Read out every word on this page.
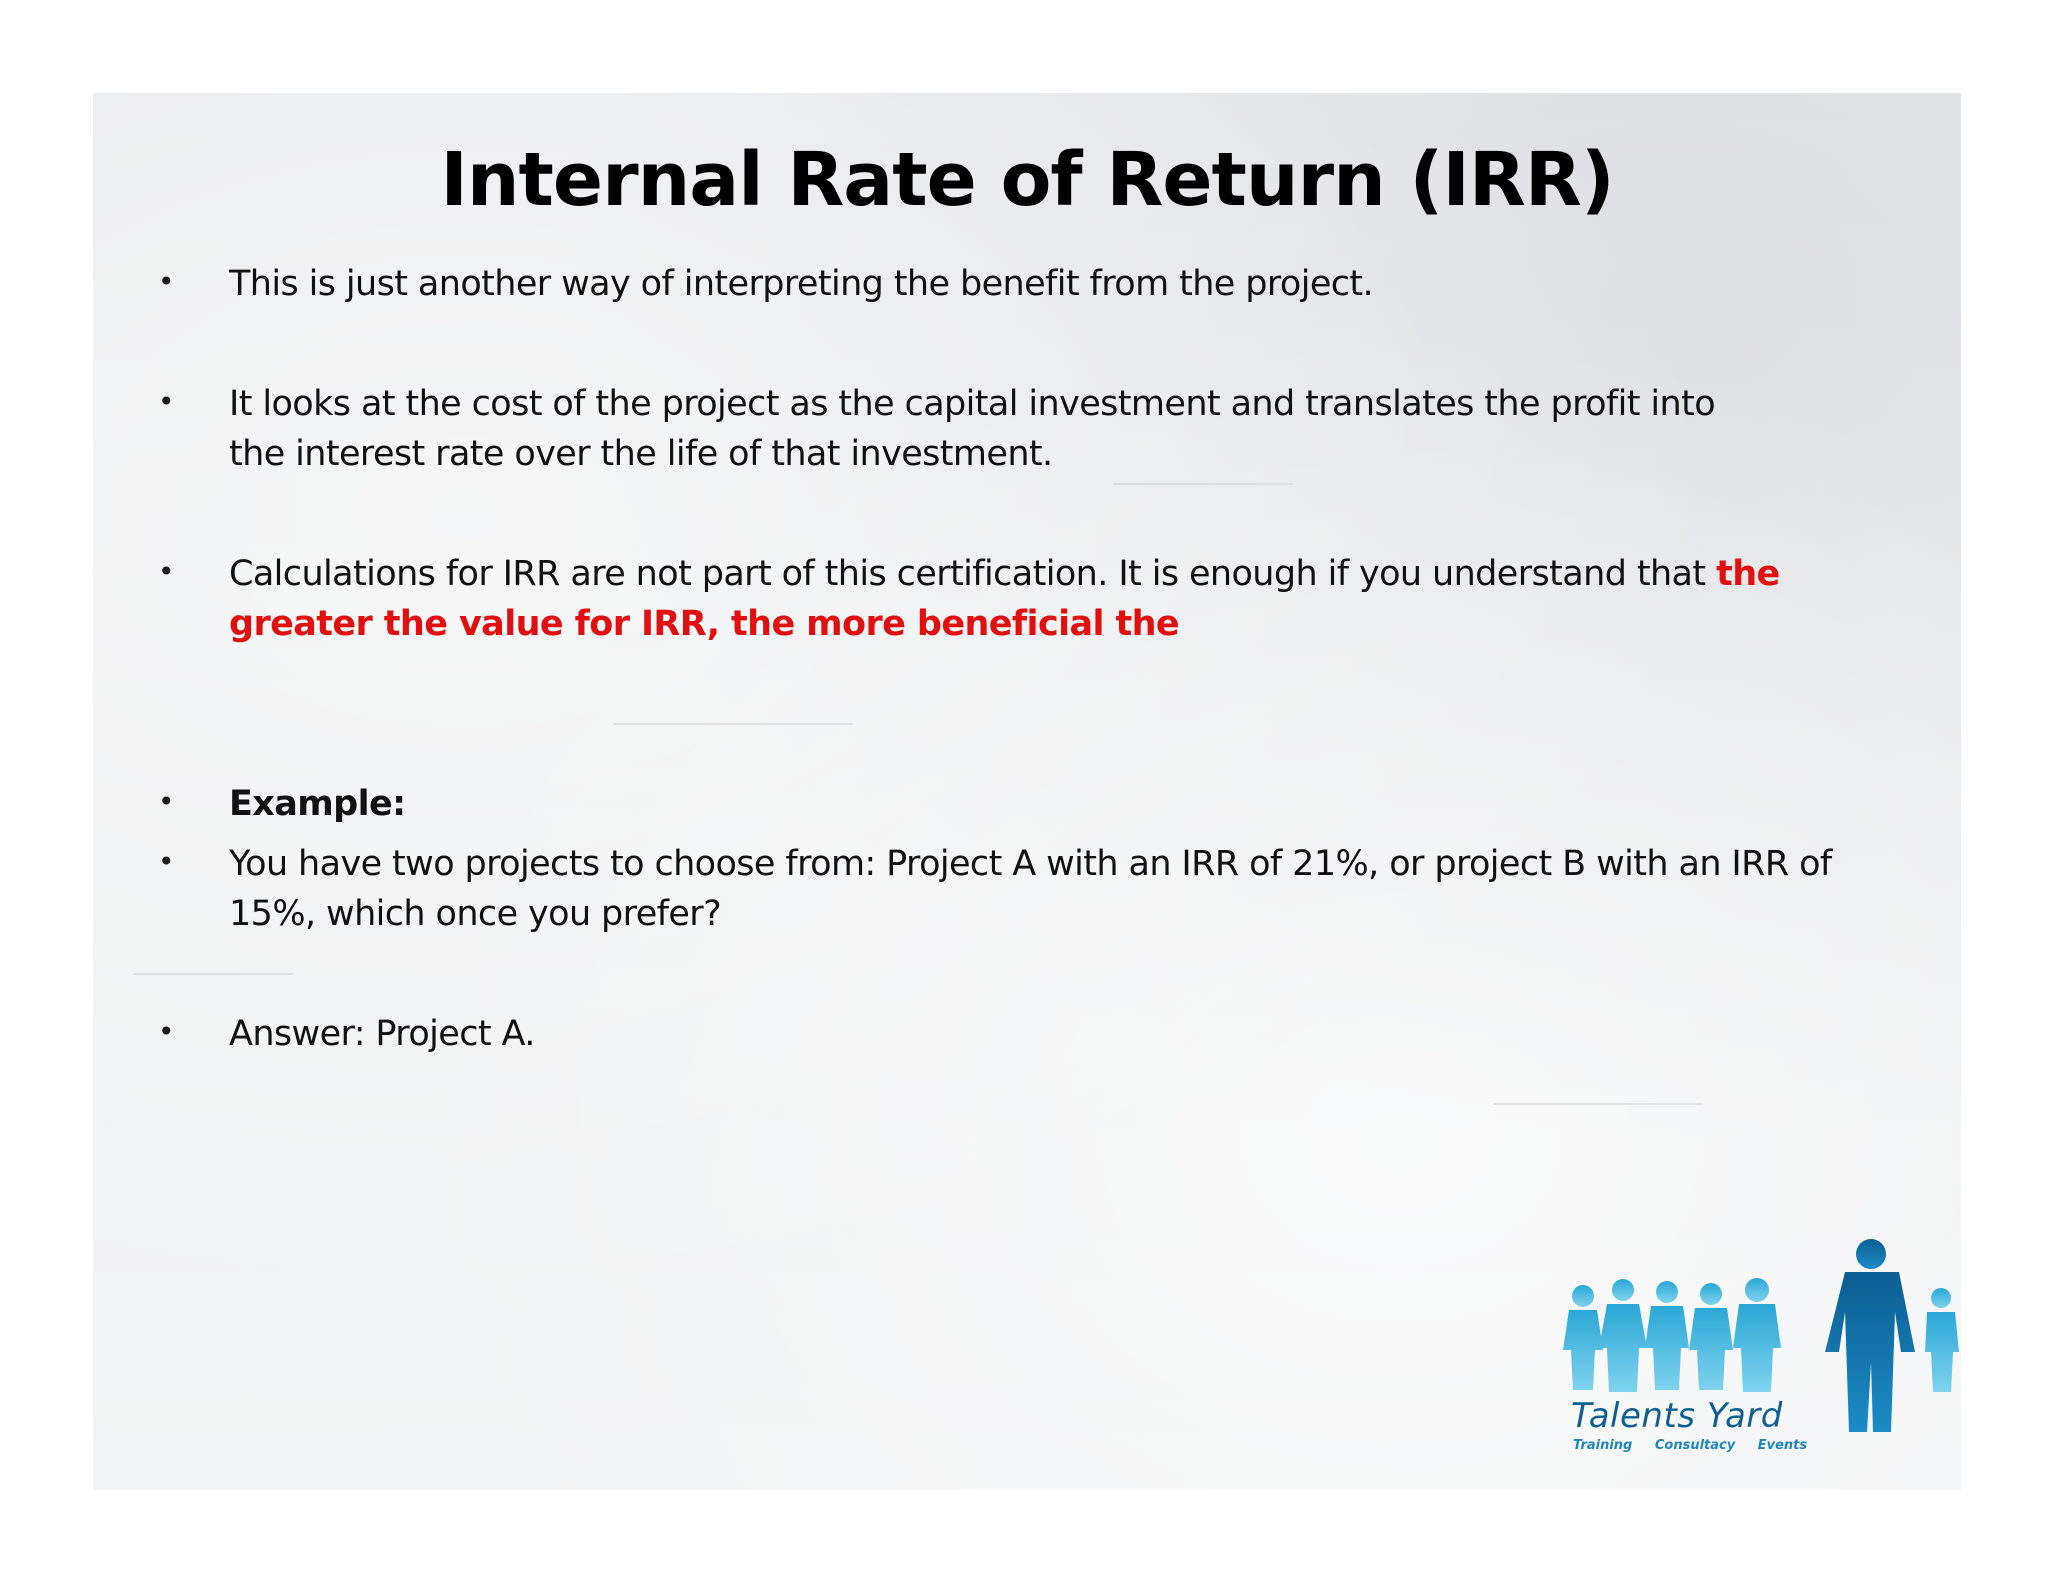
Internal Rate of Return (IRR)
•	This is just another way of interpreting the benefit from the project.
•	It looks at the cost of the project as the capital investment and translates the profit into the interest rate over the life of that investment.
•	Calculations for IRR are not part of this certification. It is enough if you understand that the greater the value for IRR, the more beneficial the
•	Example:
•	You have two projects to choose from: Project A with an IRR of 21%, or project B with an IRR of 15%, which once you prefer?
•	Answer: Project A.
Talents Yard
Training Consultacy Events
